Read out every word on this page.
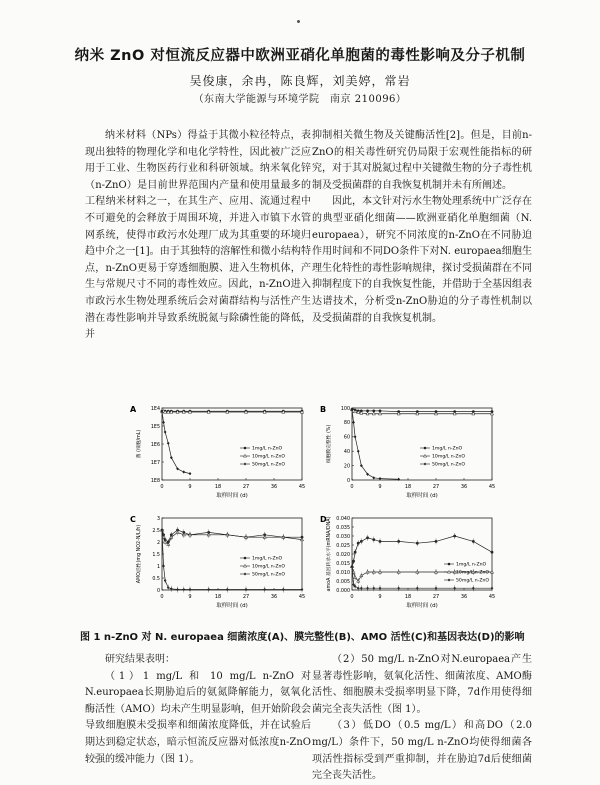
纳米 ZnO 对恒流反应器中欧洲亚硝化单胞菌的毒性影响及分子机制
吴俊康，余冉，陈良辉，刘美婷，常岩
（东南大学能源与环境学院　南京 210096）

纳米材料（NPs）得益于其微小粒径特点，表现出独特的物理化学和电化学特性，因此被广泛应用于工业、生物医药行业和科研领域。纳米氧化锌（n-ZnO）是目前世界范围内产量和使用量最多的工程纳米材料之一，在其生产、应用、流通过程中不可避免的会释放于周围环境，并进入市镇下水管网系统，使得市政污水处理厂成为其重要的环境归趋中介之一[1]。由于其独特的溶解性和微小结构特点，n-ZnO更易于穿透细胞膜、进入生物机体，产生与常规尺寸不同的毒性效应。因此，n-ZnO进入市政污水生物处理系统后会对菌群结构与活性产生潜在毒性影响并导致系统脱氮与除磷性能的降低，并

抑制相关微生物及关键酶活性[2]。但是，目前n-ZnO的相关毒性研究仍局限于宏观性能指标的研究，对于其对脱氮过程中关键微生物的分子毒性机制及受损菌群的自我恢复机制并未有所阐述。

因此，本文针对污水生物处理系统中广泛存在的典型亚硝化细菌——欧洲亚硝化单胞细菌（N. europaea），研究不同浓度的n-ZnO在不同胁迫作用时间和不同DO条件下对N. europaea细胞生理生化特性的毒性影响规律，探讨受损菌群在不同抑制程度下的自我恢复性能，并借助于全基因组表达谱技术，分析受n-ZnO胁迫的分子毒性机制以及受损菌群的自我恢复机制。

A
0	9	18	27	36	45
1E8
1E7
1E6
1E5
1E4
取样时间 (d)
菌 (细胞/mL)	1mg/L n-ZnO
10mg/L n-ZnO
50mg/L n-ZnO
B
0	9	18	27	36	45
0
20
40
60
80
100
取样时间 (d)
细胞膜完整性 (%)	1mg/L n-ZnO
10mg/L n-ZnO
50mg/L n-ZnO
C
0	9	18	27	36	45
0
0.5
1
1.5
2
2.5
3
取样时间 (d)
AMO活性(mg NO2-N/L/h)	1mg/L n-ZnO
10mg/L n-ZnO
50mg/L n-ZnO
D
0	9	18	27	36	45
0.000
0.005
0.010
0.015
0.020
0.025
0.030
0.035
0.040
取样时间 (d)
amoA 基因转录水平(mRNA/DNA)	1mg/L n-ZnO
10mg/L n-ZnO
50mg/L n-ZnO
图 1 n-ZnO 对 N. europaea 细菌浓度(A)、膜完整性(B)、AMO 活性(C)和基因表达(D)的影响

研究结果表明：

（1）1 mg/L 和 10 mg/L n-ZnO 对N.europaea长期胁迫后的氨氮降解能力，氨氧化酶活性（AMO）均未产生明显影响，但开始阶段会导致细胞膜未受损率和细菌浓度降低，并在试验后期达到稳定状态，暗示恒流反应器对低浓度n-ZnO较强的缓冲能力（图 1）。

（2）50 mg/L n-ZnO对N.europaea产生显著毒性影响，氨氧化活性、细菌浓度、AMO酶活性、细胞膜未受损率明显下降，7d作用使得细菌完全丧失活性（图 1）。

（3）低DO（0.5 mg/L）和高DO（2.0 mg/L）条件下，50 mg/L n-ZnO均使得细菌各项活性指标受到严重抑制，并在胁迫7d后使细菌完全丧失活性。
